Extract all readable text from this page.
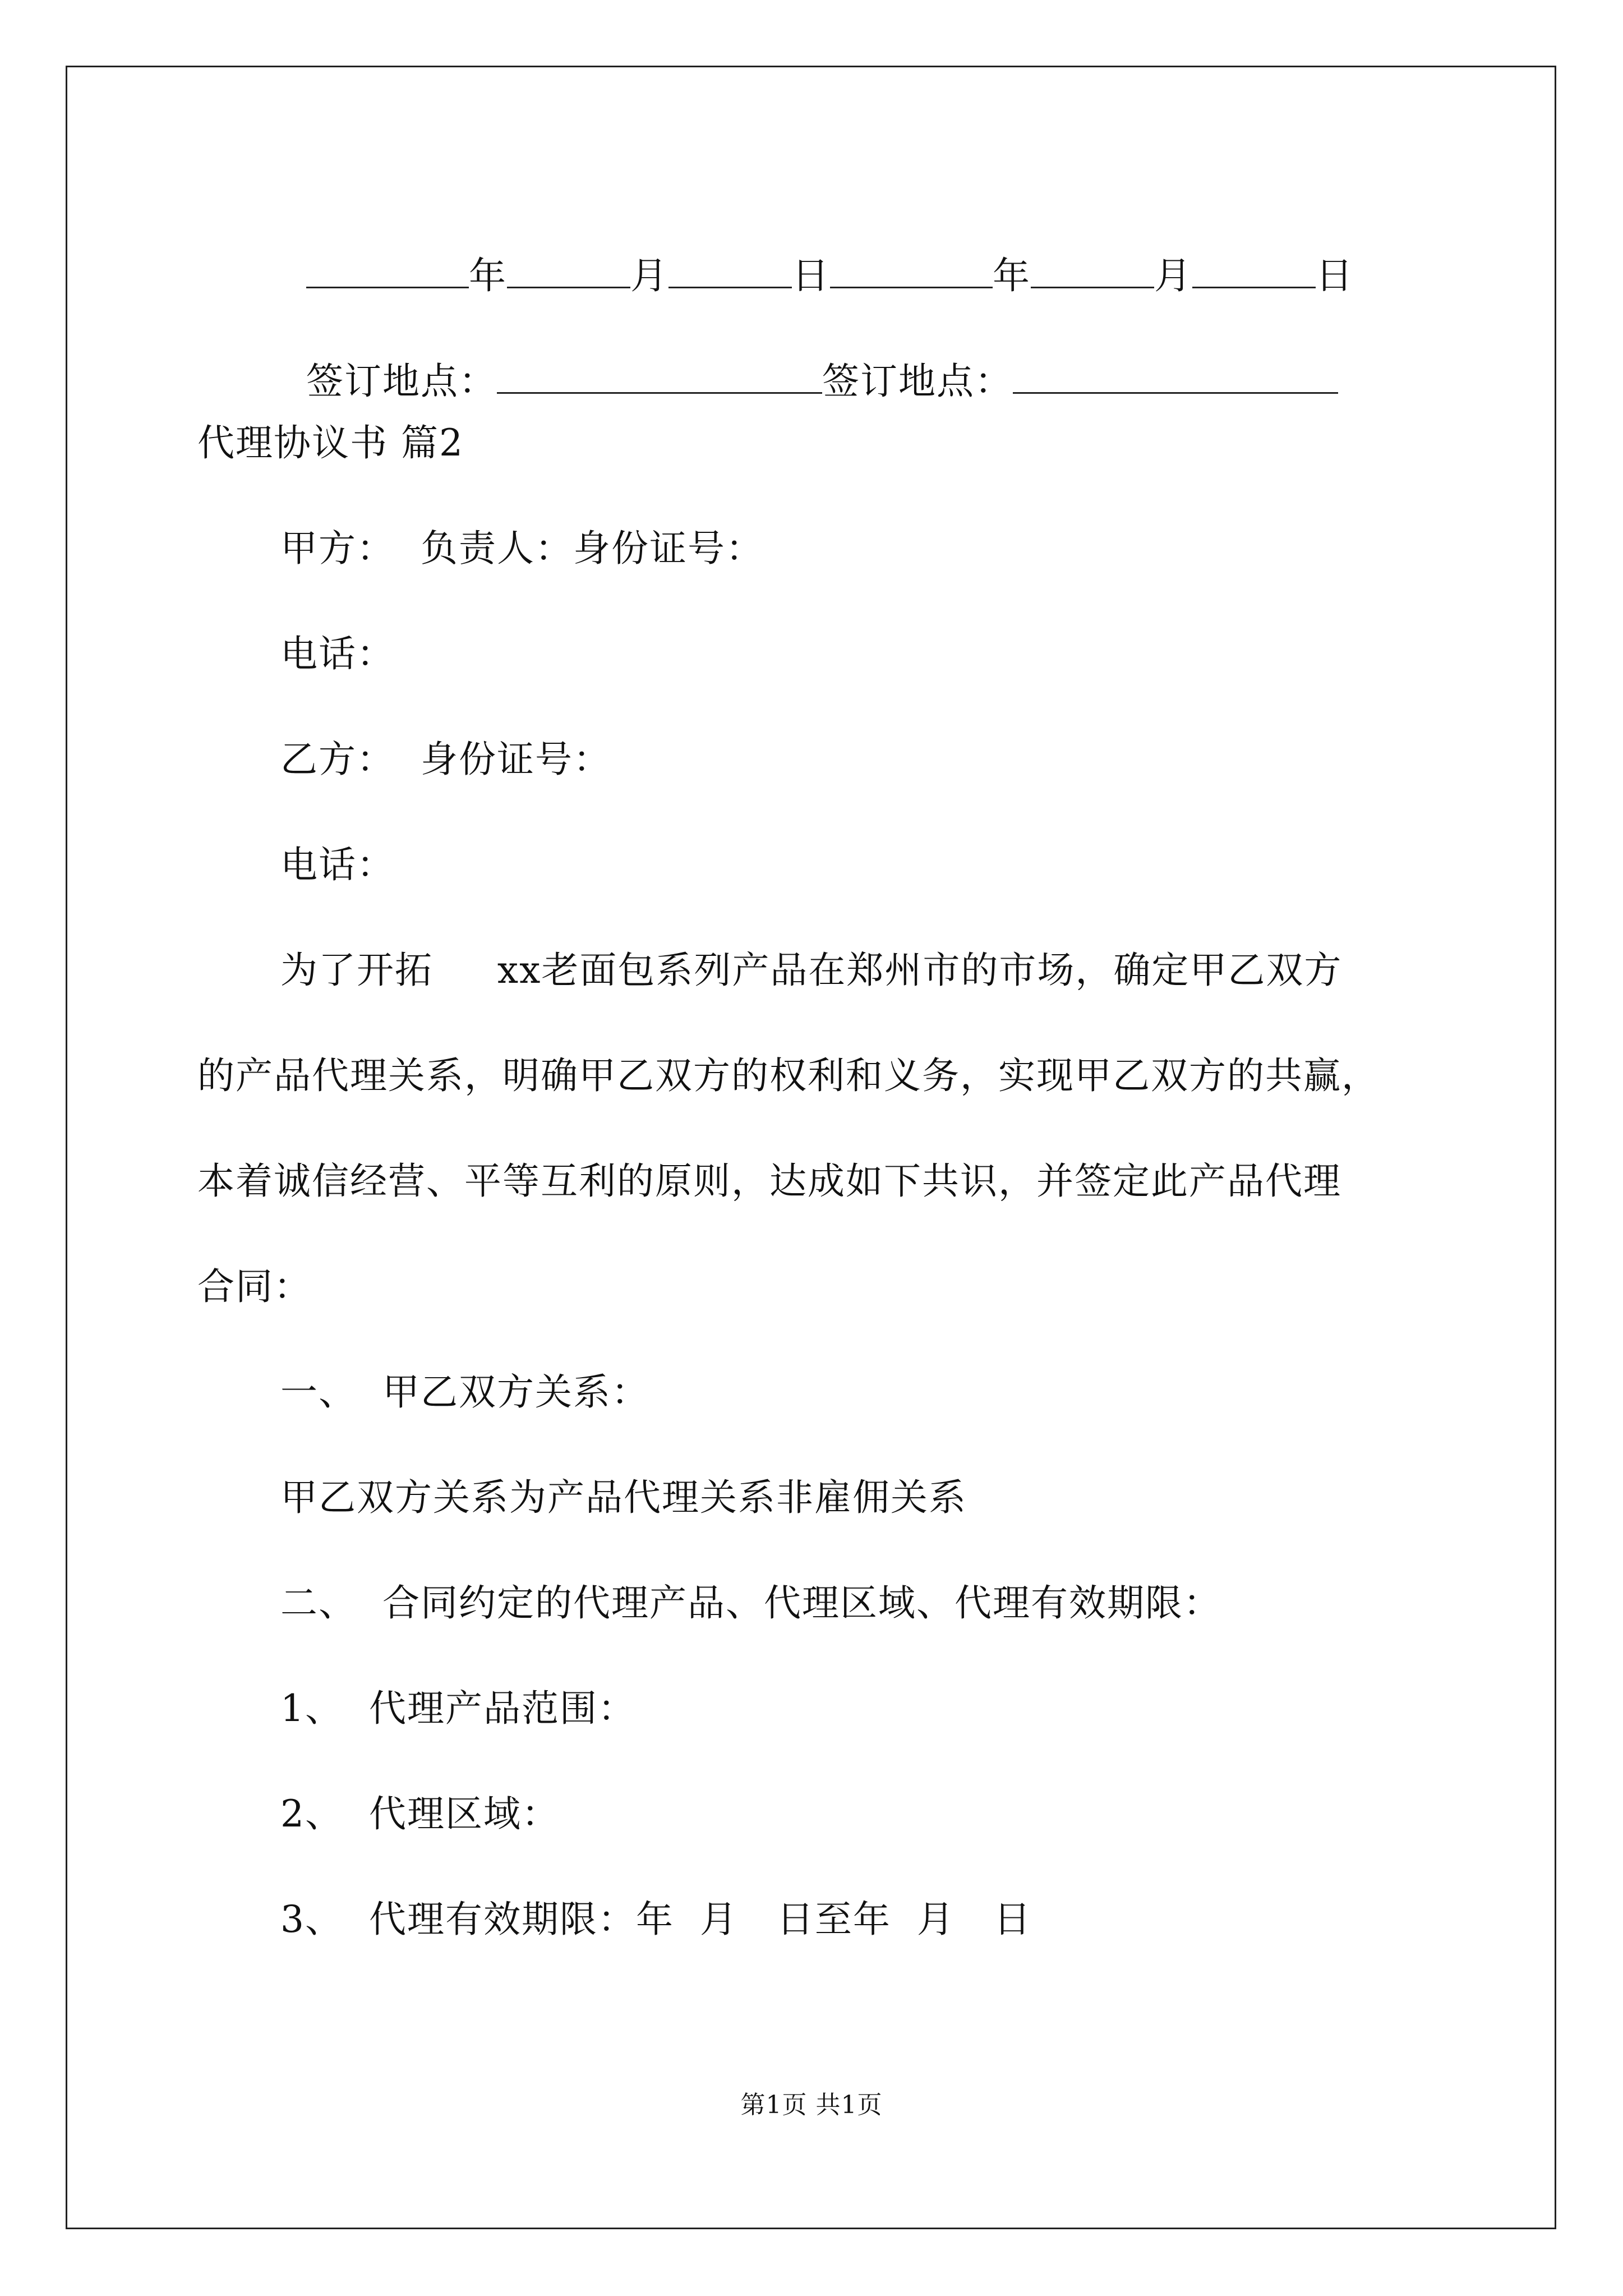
年	月	日	年	月	日

签订地点：	签订地点：

代理协议书 篇2
甲方：  负责人：身份证号：
电话：
乙方：  身份证号：
电话：
为了开拓     xx老面包系列产品在郑州市的市场，确定甲乙双方
的产品代理关系，明确甲乙双方的权利和义务，实现甲乙双方的共赢，
本着诚信经营、平等互利的原则，达成如下共识，并签定此产品代理
合同：
一、  甲乙双方关系：
甲乙双方关系为产品代理关系非雇佣关系
二、  合同约定的代理产品、代理区域、代理有效期限：
1、  代理产品范围：
2、  代理区域：
3、  代理有效期限：年  月   日至年  月   日
第1页 共1页
